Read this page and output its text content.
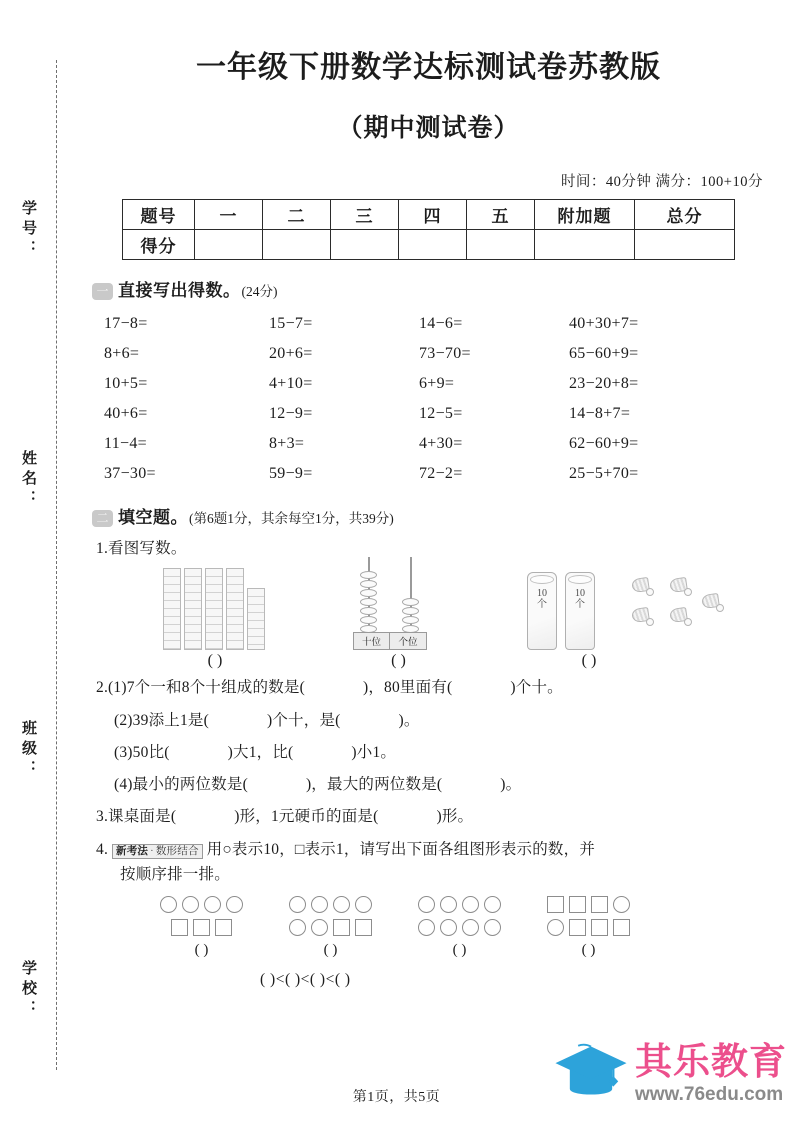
学号：
姓名：
班级：
学校：
一年级下册数学达标测试卷苏教版
（期中测试卷）
时间：40分钟 满分：100+10分
题号	一	二	三	四	五	附加题	总分
得分							
一 直接写出得数。 (24分)
17−8=	15−7=	14−6=	40+30+7=
8+6=	20+6=	73−70=	65−60+9=
10+5=	4+10=	6+9=	23−20+8=
40+6=	12−9=	12−5=	14−8+7=
11−4=	8+3=	4+30=	62−60+9=
37−30=	59−9=	72−2=	25−5+70=
二 填空题。 (第6题1分，其余每空1分，共39分)
1.看图写数。
( )
十位	个位
( )
10
个
10
个
( )
2.(1)7个一和8个十组成的数是(	)，80里面有(	)个十。
(2)39添上1是(	)个十，是(	)。
(3)50比(	)大1，比(	)小1。
(4)最小的两位数是(	)，最大的两位数是(	)。
3.课桌面是(	)形，1元硬币的面是(	)形。
4. 新考法 · 数形结合 用○表示10，□表示1，请写出下面各组图形表示的数，并
按顺序排一排。
( )	( )	( )	( )
( )<( )<( )<( )
其乐教育
www.76edu.com
第1页，共5页
